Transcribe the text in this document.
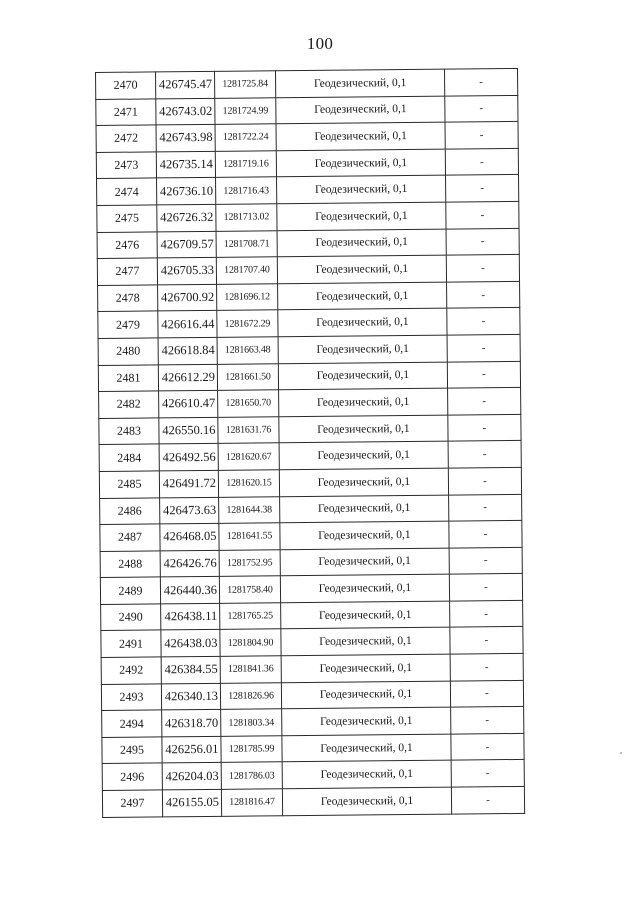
100
2470	426745.47	1281725.84	Геодезический, 0,1	-
2471	426743.02	1281724.99	Геодезический, 0,1	-
2472	426743.98	1281722.24	Геодезический, 0,1	-
2473	426735.14	1281719.16	Геодезический, 0,1	-
2474	426736.10	1281716.43	Геодезический, 0,1	-
2475	426726.32	1281713.02	Геодезический, 0,1	-
2476	426709.57	1281708.71	Геодезический, 0,1	-
2477	426705.33	1281707.40	Геодезический, 0,1	-
2478	426700.92	1281696.12	Геодезический, 0,1	-
2479	426616.44	1281672.29	Геодезический, 0,1	-
2480	426618.84	1281663.48	Геодезический, 0,1	-
2481	426612.29	1281661.50	Геодезический, 0,1	-
2482	426610.47	1281650.70	Геодезический, 0,1	-
2483	426550.16	1281631.76	Геодезический, 0,1	-
2484	426492.56	1281620.67	Геодезический, 0,1	-
2485	426491.72	1281620.15	Геодезический, 0,1	-
2486	426473.63	1281644.38	Геодезический, 0,1	-
2487	426468.05	1281641.55	Геодезический, 0,1	-
2488	426426.76	1281752.95	Геодезический, 0,1	-
2489	426440.36	1281758.40	Геодезический, 0,1	-
2490	426438.11	1281765.25	Геодезический, 0,1	-
2491	426438.03	1281804.90	Геодезический, 0,1	-
2492	426384.55	1281841.36	Геодезический, 0,1	-
2493	426340.13	1281826.96	Геодезический, 0,1	-
2494	426318.70	1281803.34	Геодезический, 0,1	-
2495	426256.01	1281785.99	Геодезический, 0,1	-
2496	426204.03	1281786.03	Геодезический, 0,1	-
2497	426155.05	1281816.47	Геодезический, 0,1	-
